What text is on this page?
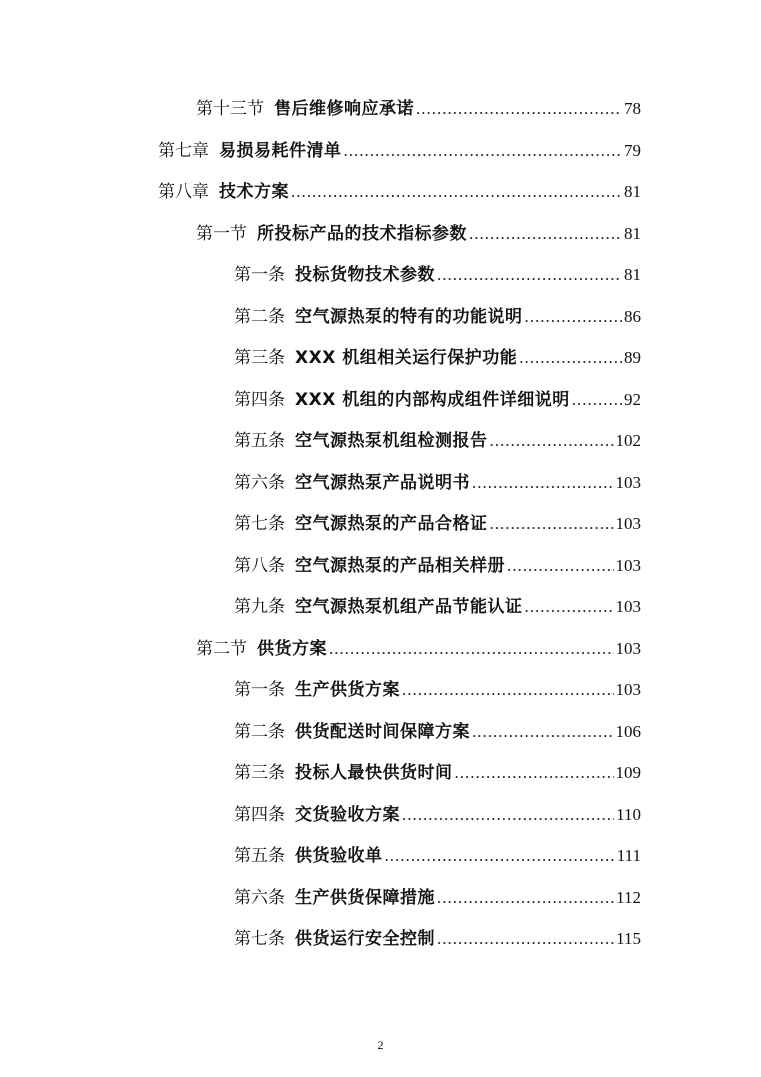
第十三节 售后维修响应承诺 .....	78
第七章 易损易耗件清单 .....	79
第八章 技术方案 .....	81
第一节 所投标产品的技术指标参数 .....	81
第一条 投标货物技术参数 .....	81
第二条 空气源热泵的特有的功能说明 .....	86
第三条 XXX 机组相关运行保护功能 .....	89
第四条 XXX 机组的内部构成组件详细说明 .....	92
第五条 空气源热泵机组检测报告 .....	102
第六条 空气源热泵产品说明书 .....	103
第七条 空气源热泵的产品合格证 .....	103
第八条 空气源热泵的产品相关样册 .....	103
第九条 空气源热泵机组产品节能认证 .....	103
第二节 供货方案 .....	103
第一条 生产供货方案 .....	103
第二条 供货配送时间保障方案 .....	106
第三条 投标人最快供货时间 .....	109
第四条 交货验收方案 .....	110
第五条 供货验收单 .....	111
第六条 生产供货保障措施 .....	112
第七条 供货运行安全控制 .....	115
2
